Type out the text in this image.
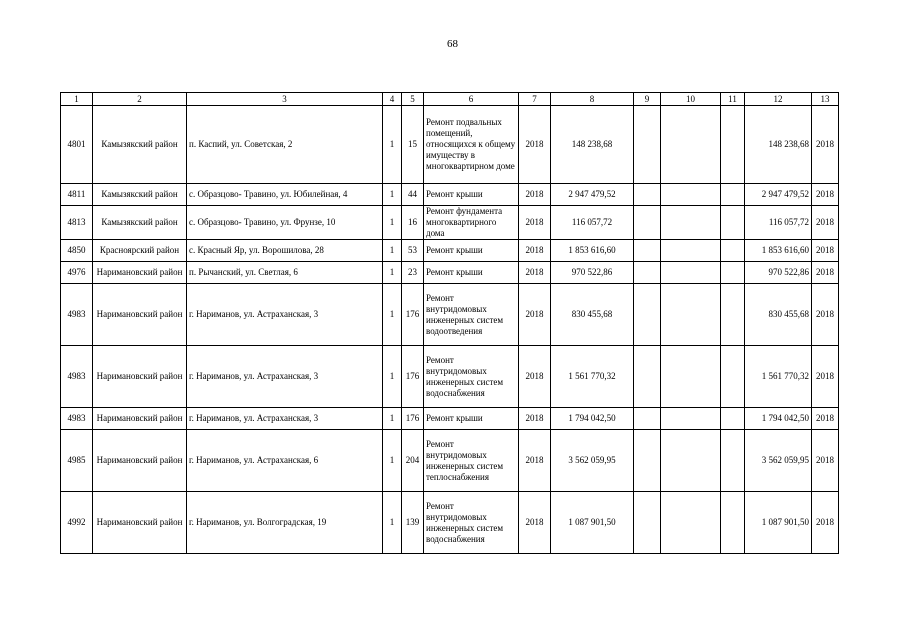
68
1	2	3	4	5	6	7	8	9	10	11	12	13
4801	Камызякский район	п. Каспий, ул. Советская, 2	1	15	Ремонт подвальных помещений, относящихся к общему имуществу в многоквартирном доме	2018	148 238,68				148 238,68	2018
4811	Камызякский район	с. Образцово- Травино, ул. Юбилейная, 4	1	44	Ремонт крыши	2018	2 947 479,52				2 947 479,52	2018
4813	Камызякский район	с. Образцово- Травино, ул. Фрунзе, 10	1	16	Ремонт фундамента многоквартирного дома	2018	116 057,72				116 057,72	2018
4850	Красноярский район	с. Красный Яр, ул. Ворошилова, 28	1	53	Ремонт крыши	2018	1 853 616,60				1 853 616,60	2018
4976	Наримановский район	п. Рычанский, ул. Светлая, 6	1	23	Ремонт крыши	2018	970 522,86				970 522,86	2018
4983	Наримановский район	г. Нариманов, ул. Астраханская, 3	1	176	Ремонт внутридомовых инженерных систем водоотведения	2018	830 455,68				830 455,68	2018
4983	Наримановский район	г. Нариманов, ул. Астраханская, 3	1	176	Ремонт внутридомовых инженерных систем водоснабжения	2018	1 561 770,32				1 561 770,32	2018
4983	Наримановский район	г. Нариманов, ул. Астраханская, 3	1	176	Ремонт крыши	2018	1 794 042,50				1 794 042,50	2018
4985	Наримановский район	г. Нариманов, ул. Астраханская, 6	1	204	Ремонт внутридомовых инженерных систем теплоснабжения	2018	3 562 059,95				3 562 059,95	2018
4992	Наримановский район	г. Нариманов, ул. Волгоградская, 19	1	139	Ремонт внутридомовых инженерных систем водоснабжения	2018	1 087 901,50				1 087 901,50	2018
